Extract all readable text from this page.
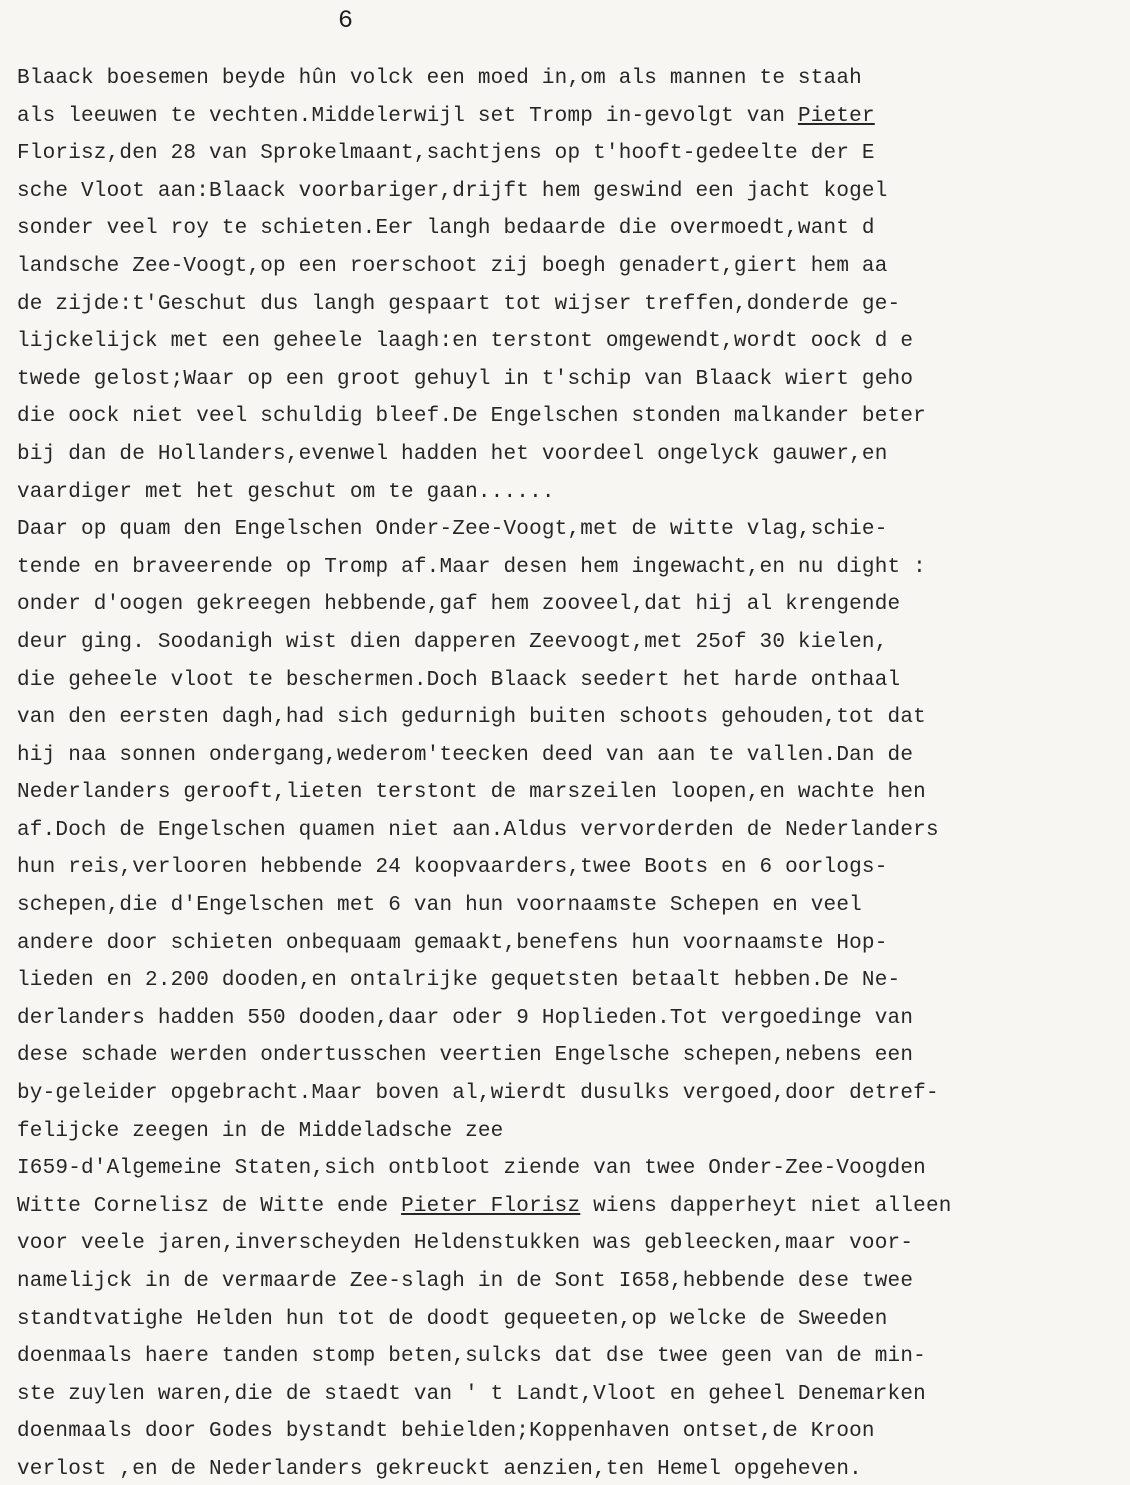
6
Blaack boesemen beyde hûn volck een moed in,om als mannen te staah
als leeuwen te vechten.Middelerwijl set Tromp in-gevolgt van Pieter
Florisz,den 28 van Sprokelmaant,sachtjens op t'hooft-gedeelte der E
sche Vloot aan:Blaack voorbariger,drijft hem geswind een jacht kogel
sonder veel roy te schieten.Eer langh bedaarde die overmoedt,want d
landsche Zee-Voogt,op een roerschoot zij boegh genadert,giert hem aa
de zijde:t'Geschut dus langh gespaart tot wijser treffen,donderde ge-
lijckelijck met een geheele laagh:en terstont omgewendt,wordt oock d e
twede gelost;Waar op een groot gehuyl in t'schip van Blaack wiert geho
die oock niet veel schuldig bleef.De Engelschen stonden malkander beter
bij dan de Hollanders,evenwel hadden het voordeel ongelyck gauwer,en
vaardiger met het geschut om te gaan......
Daar op quam den Engelschen Onder-Zee-Voogt,met de witte vlag,schie-
tende en braveerende op Tromp af.Maar desen hem ingewacht,en nu dight :
onder d'oogen gekreegen hebbende,gaf hem zooveel,dat hij al krengende
deur ging. Soodanigh wist dien dapperen Zeevoogt,met 25of 30 kielen,
die geheele vloot te beschermen.Doch Blaack seedert het harde onthaal
van den eersten dagh,had sich gedurnigh buiten schoots gehouden,tot dat
hij naa sonnen ondergang,wederom'teecken deed van aan te vallen.Dan de
Nederlanders gerooft,lieten terstont de marszeilen loopen,en wachte hen
af.Doch de Engelschen quamen niet aan.Aldus vervorderden de Nederlanders
hun reis,verlooren hebbende 24 koopvaarders,twee Boots en 6 oorlogs-
schepen,die d'Engelschen met 6 van hun voornaamste Schepen en veel
andere door schieten onbequaam gemaakt,benefens hun voornaamste Hop-
lieden en 2.200 dooden,en ontalrijke gequetsten betaalt hebben.De Ne-
derlanders hadden 550 dooden,daar oder 9 Hoplieden.Tot vergoedinge van
dese schade werden ondertusschen veertien Engelsche schepen,nebens een
by-geleider opgebracht.Maar boven al,wierdt dusulks vergoed,door detref-
felijcke zeegen in de Middeladsche zee
I659-d'Algemeine Staten,sich ontbloot ziende van twee Onder-Zee-Voogden
Witte Cornelisz de Witte ende Pieter Florisz wiens dapperheyt niet alleen
voor veele jaren,inverscheyden Heldenstukken was gebleecken,maar voor-
namelijck in de vermaarde Zee-slagh in de Sont I658,hebbende dese twee
standtvatighe Helden hun tot de doodt gequeeten,op welcke de Sweeden
doenmaals haere tanden stomp beten,sulcks dat dse twee geen van de min-
ste zuylen waren,die de staedt van ' t Landt,Vloot en geheel Denemarken
doenmaals door Godes bystandt behielden;Koppenhaven ontset,de Kroon
verlost ,en de Nederlanders gekreuckt aenzien,ten Hemel opgeheven.
